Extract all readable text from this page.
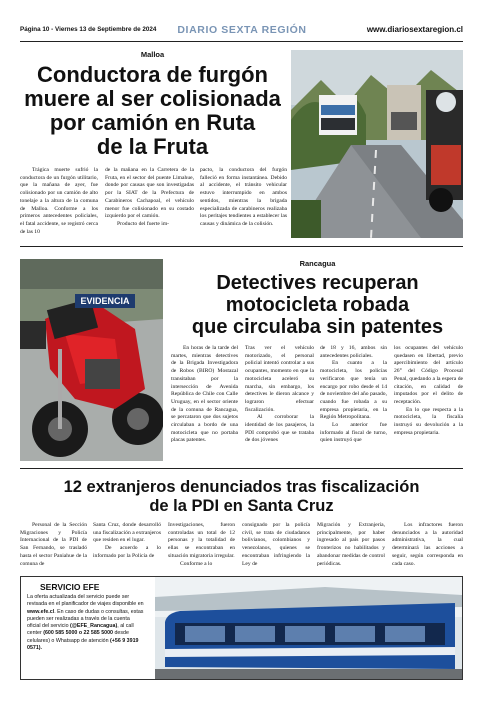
Página 10 - Viernes 13 de Septiembre de 2024 DIARIO SEXTA REGIÓN	www.diariosextaregion.cl
Malloa
Conductora de furgón
muere al ser colisionada
por camión en Ruta
de la Fruta

Trágica muerte sufrió la conductora de un furgón utilitario, que la mañana de ayer, fue colisionado por un camión de alto tonelaje a la altura de la comuna de Malloa. Conforme a los primeros antecedentes policiales, el fatal accidente, se registró cerca de las 10

de la mañana en la Carretera de la Fruta, en el sector del puente Limahue, donde por causas que son investigadas por la SIAT de la Prefectura de Carabineros Cachapoal, el vehículo menor fue colisionado en su costado izquierdo por el camión.

Producto del fuerte im-

pacto, la conductora del furgón falleció en forma instantánea. Debido al accidente, el tránsito vehicular estuvo interrumpido en ambos sentidos, mientras la brigada especializada de carabineros realizaba los peritajes tendientes a establecer las causas y dinámica de la colisión.

EVIDENCIA
Rancagua
Detectives recuperan
motocicleta robada
que circulaba sin patentes

En horas de la tarde del martes, mientras detectives de la Brigada Investigadora de Robos (BIRO) Mostazal transitaban por la intersección de Avenida República de Chile con Calle Uruguay, en el sector oriente de la comuna de Rancagua, se percataron que dos sujetos circulaban a bordo de una motocicleta que no portaba placas patentes.

Tras ver el vehículo motorizado, el personal policial intentó controlar a sus ocupantes, momento en que la motocicleta aceleró su marcha, sin embargo, los detectives le dieron alcance y lograron efectuar fiscalización.

Al corroborar la identidad de los pasajeros, la PDI comprobó que se trataba de dos jóvenes

de 18 y 16, ambos sin antecedentes policiales.

En cuanto a la motocicleta, los policías verificaron que tenía un encargo por robo desde el 14 de noviembre del año pasado, cuando fue robada a su empresa propietaria, en la Región Metropolitana.

Lo anterior fue informado al fiscal de turno, quien instruyó que

los ocupantes del vehículo quedasen en libertad, previo apercibimiento del artículo 26° del Código Procesal Penal, quedando a la espera de citación, en calidad de imputados por el delito de receptación.

En lo que respecta a la motocicleta, la fiscalía instruyó su devolución a la empresa propietaria.

12 extranjeros denunciados tras fiscalización
de la PDI en Santa Cruz

Personal de la Sección Migraciones y Policía Internacional de la PDI de San Fernando, se trasladó hasta el sector Paniahue de la comuna de

Santa Cruz, donde desarrolló una fiscalización a extranjeros que residen en el lugar.

De acuerdo a lo informado por la Policía de

Investigaciones, fueron controladas un total de 12 personas y la totalidad de ellas se encontraban en situación migratoria irregular.

Conforme a lo

consignado por la policía civil, se trata de ciudadanos bolivianos, colombianos y venezolanos, quienes se encontraban infringiendo la Ley de

Migración y Extranjería, principalmente, por haber ingresado al país por pasos fronterizos no habilitados y abandonar medidas de control periódicas.

Los infractores fueron denunciados a la autoridad administrativa, la cual determinará las acciones a seguir, según corresponda en cada caso.

SERVICIO EFE

La oferta actualizada del servicio puede ser revisada en el planificador de viajes disponible en www.efe.cl. En caso de dudas o consultas, estas pueden ser realizadas a través de la cuenta oficial del servicio (@EFE_Rancagua), al call center (600 585 5000 o 22 585 5000 desde celulares) o Whatsapp de atención (+56 9 3919 0571).
